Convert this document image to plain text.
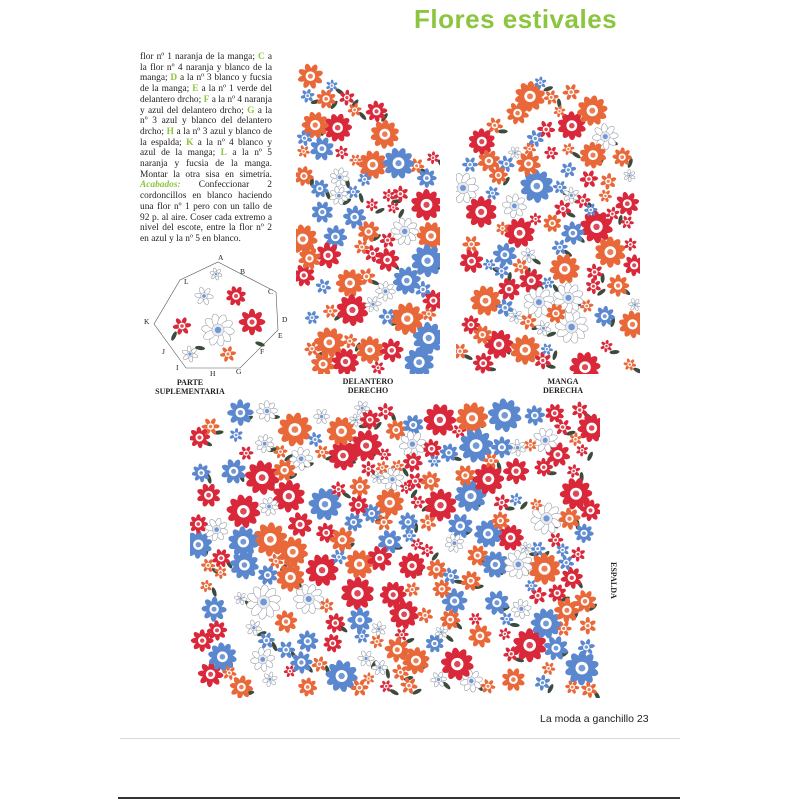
Flores estivales
flor nº 1 naranja de la manga; C a la flor nº 4 naranja y blanco de la manga; D a la nº 3 blanco y fucsia de la manga; E a la nº 1 verde del delantero drcho; F a la nº 4 naranja y azul del delantero drcho; G a la nº 3 azul y blanco del delantero drcho; H a la nº 3 azul y blanco de la espalda; K a la nº 4 blanco y azul de la manga; L a la nº 5 naranja y fucsia de la manga. Montar la otra sisa en simetría. Acabados: Confeccionar 2 cordoncillos en blanco haciendo una flor nº 1 pero con un tallo de 92 p. al aire. Coser cada extremo a nivel del escote, entre la flor nº 2 en azul y la nº 5 en blanco.
A
B
C
D
E
F
G
H
I
J
K
L
PARTE
SUPLEMENTARIA
DELANTERO
DERECHO
MANGA
DERECHA
ESPALDA
La moda a ganchillo 23
